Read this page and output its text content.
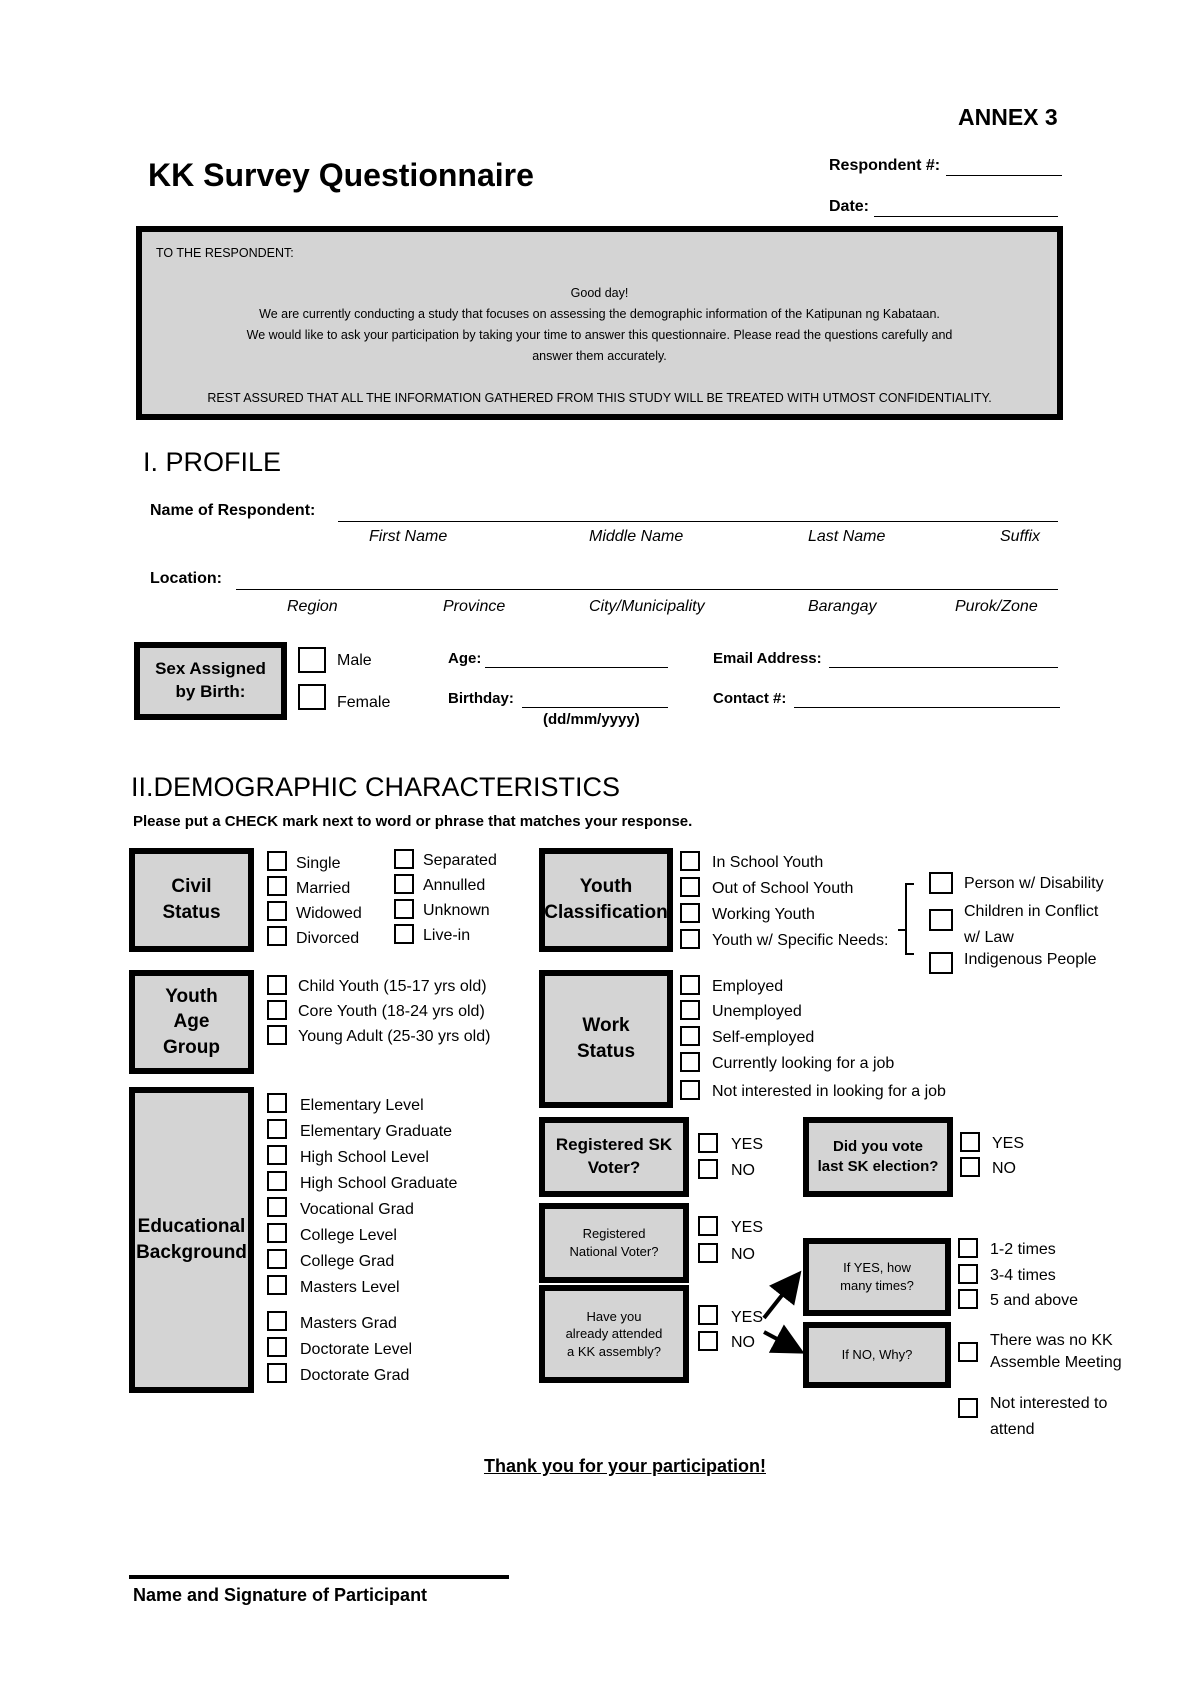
ANNEX 3
KK Survey Questionnaire	Respondent #:
Date:
TO THE RESPONDENT:
Good day!
We are currently conducting a study that focuses on assessing the demographic information of the Katipunan ng Kabataan.
We would like to ask your participation by taking your time to answer this questionnaire. Please read the questions carefully and
answer them accurately.
REST ASSURED THAT ALL THE INFORMATION GATHERED FROM THIS STUDY WILL BE TREATED WITH UTMOST CONFIDENTIALITY.
I. PROFILE
Name of Respondent:
First Name	Middle Name	Last Name	Suffix
Location:
Region	Province	City/Municipality	Barangay	Purok/Zone
Sex Assigned
by Birth:
Male
Female
Age:
Birthday:
(dd/mm/yyyy)
Email Address:
Contact #:
II.DEMOGRAPHIC CHARACTERISTICS
Please put a CHECK mark next to word or phrase that matches your response.
Civil
Status
Single
Married
Widowed
Divorced
Separated
Annulled
Unknown
Live-in
Youth
Age
Group
Child Youth (15-17 yrs old)
Core Youth (18-24 yrs old)
Young Adult (25-30 yrs old)
Educational
Background
Elementary Level
Elementary Graduate
High School Level
High School Graduate
Vocational Grad
College Level
College Grad
Masters Level
Masters Grad
Doctorate Level
Doctorate Grad
Youth
Classification
In School Youth
Out of School Youth
Working Youth
Youth w/ Specific Needs:
Person w/ Disability
Children in Conflict
w/ Law
Indigenous People
Work
Status
Employed
Unemployed
Self-employed
Currently looking for a job
Not interested in looking for a job
Registered SK
Voter?
YES
NO
Did you vote
last SK election?
YES
NO
Registered
National Voter?
YES
NO
Have you
already attended
a KK assembly?
YES
NO
If YES, how
many times?
1-2 times
3-4 times
5 and above
If NO, Why?
There was no KK
Assemble Meeting
Not interested to
attend
Thank you for your participation!
Name and Signature of Participant
